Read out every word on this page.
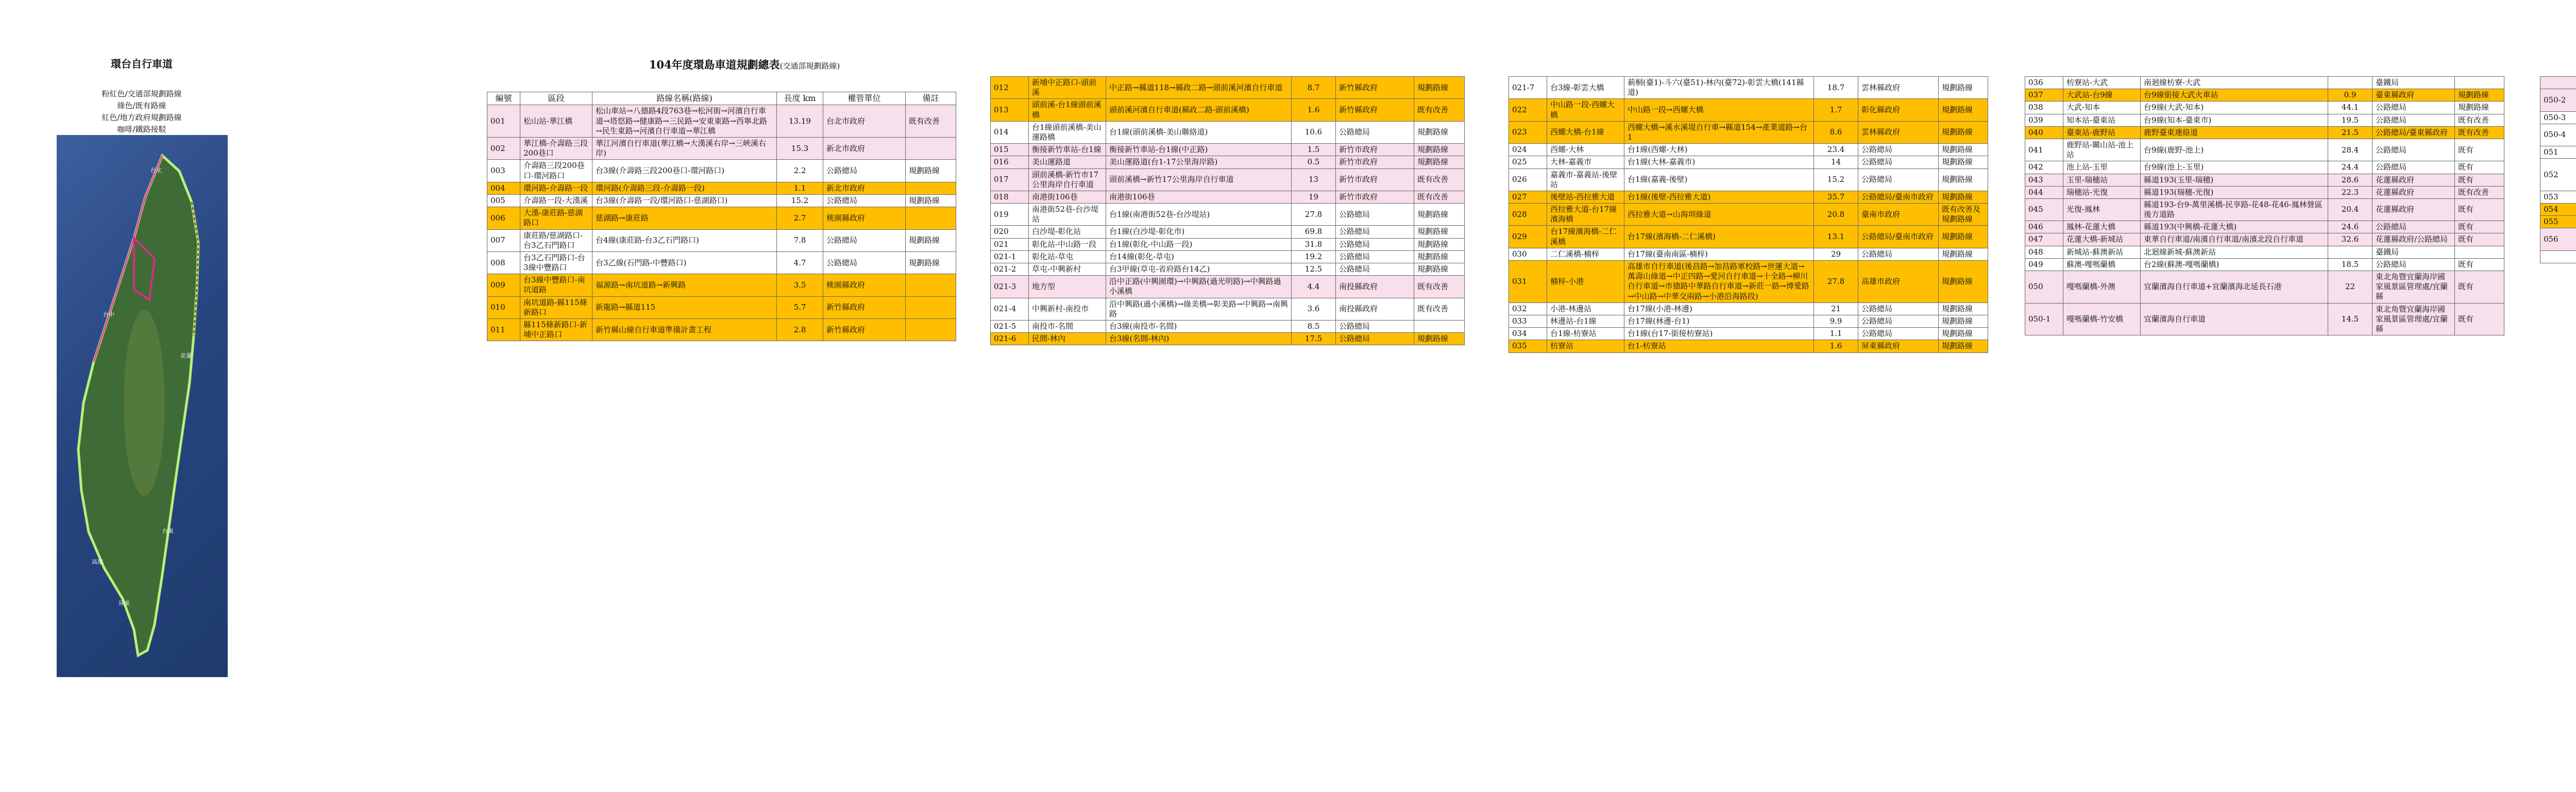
環台自行車道
粉紅色/交通部規劃路線
綠色/既有路線
紅色/地方政府規劃路線
咖啡/鐵路接駁
台北
台中
花蓮
台東
高雄
屏東
104年度環島車道規劃總表(交通部規劃路線)
編號	區段	路線名稱(路線)	長度 km	權管單位	備註
001	松山站-華江橋	松山車站→八德路4段763巷→松河街→河濱自行車道→塔悠路→健康路→三民路→安東東路→西寧北路→民生東路→河濱自行車道→華江橋	13.19	台北市政府	既有改善
002	華江橋-介壽路三段200巷口	華江河濱自行車道(華江橋→大漢溪右岸→三峽溪右岸)	15.3	新北市政府	
003	介壽路三段200巷口-環河路口	台3線(介壽路三段200巷口-環河路口)	2.2	公路總局	規劃路線
004	環河路-介壽路一段	環河路(介壽路三段-介壽路一段)	1.1	新北市政府	
005	介壽路一段-大漢溪	台3線(介壽路一段/環河路口-慈湖路口)	15.2	公路總局	規劃路線
006	大漢-康莊路-慈湖路口	慈湖路→康莊路	2.7	桃園縣政府	
007	康莊路/慈湖路口-台3乙石門路口	台4線(康莊路-台3乙石門路口)	7.8	公路總局	規劃路線
008	台3乙石門路口-台3線中豐路口	台3乙線(石門路-中豐路口)	4.7	公路總局	規劃路線
009	台3線中豐路口-南坑道路	福源路→南坑道路→新興路	3.5	桃園縣政府	
010	南坑道路-縣115條新路口	新龍路→縣道115	5.7	新竹縣政府	
011	縣115條新路口-新埔中正路口	新竹縣山線自行車道準備計畫工程	2.8	新竹縣政府	
012	新埔中正路口-頭前溪	中正路→縣道118→縣政二路→頭前溪河濱自行車道	8.7	新竹縣政府	規劃路線
013	頭前溪-台1線頭前溪橋	頭前溪河濱自行車道(縣政二路-頭前溪橋)	1.6	新竹縣政府	既有改善
014	台1線頭前溪橋-美山運路橋	台1線(頭前溪橋-美山聯絡道)	10.6	公路總局	規劃路線
015	衡接新竹車站-台1線	衡接新竹車站-台1線(中正路)	1.5	新竹市政府	規劃路線
016	美山運路道	美山運路道(台1-17公里海岸路)	0.5	新竹市政府	規劃路線
017	頭前溪橋-新竹市17公里海岸自行車道	頭前溪橋→新竹17公里海岸自行車道	13	新竹市政府	既有改善
018	南港街106巷	南港街106巷	19	新竹市政府	既有改善
019	南港街52巷-台沙堤站	台1線(南港街52巷-台沙堤站)	27.8	公路總局	規劃路線
020	白沙堤-彰化站	台1線(白沙堤-彰化市)	69.8	公路總局	規劃路線
021	彰化站-中山路一段	台1線(彰化-中山路一段)	31.8	公路總局	規劃路線
021-1	彰化站-草屯	台14線(彰化-草屯)	19.2	公路總局	規劃路線
021-2	草屯-中興新村	台3甲線(草屯-省府路台14乙)	12.5	公路總局	規劃路線
021-3	地方型	沿中正路(中興園環)→中興路(過光明路)→中興路過小溪橋	4.4	南投縣政府	既有改善
021-4	中興新村-南投市	沿中興路(過小溪橋)→綠美橋→彰美路→中興路→南興路	3.6	南投縣政府	既有改善
021-5	南投市-名間	台3線(南投市-名間)	8.5	公路總局	
021-6	民間-林內	台3線(名間-林內)	17.5	公路總局	規劃路線
021-7	台3線-彰雲大橋	莿桐(臺1)-斗六(臺51)-林內(臺72)-彰雲大橋(141縣道)	18.7	雲林縣政府	規劃路線
022	中山路一段-西螺大橋	中山路一段→西螺大橋	1.7	彰化縣政府	規劃路線
023	西螺大橋-台1線	西螺大橋→溪水溪堤自行車→縣道154→產業道路→台1	8.6	雲林縣政府	規劃路線
024	西螺-大林	台1線(西螺-大林)	23.4	公路總局	規劃路線
025	大林-嘉義市	台1線(大林-嘉義市)	14	公路總局	規劃路線
026	嘉義市-嘉義站-後壁站	台1線(嘉義-後壁)	15.2	公路總局	規劃路線
027	後壁站-西拉雅大道	台1線(後壁-西拉雅大道)	35.7	公路總局/臺南市政府	規劃路線
028	西拉雅大道-台17線濱海橋	西拉雅大道→山海圳綠道	20.8	臺南市政府	既有改善及規劃路線
029	台17線濱海橋-二仁溪橋	台17線(濱海橋-二仁溪橋)	13.1	公路總局/臺南市政府	規劃路線
030	二仁溪橋-楠梓	台17線(臺南南區-楠梓)	29	公路總局	規劃路線
031	楠梓-小港	高雄市自行車道(後昌路→加昌路軍校路→世運大道→萬壽山綠道→中正四路→愛河自行車道→十全路→柳川自行車道→市德路中華路自行車道→新莊一路→博愛路→中山路→中華交兩路→小港沿海路段)	27.8	高雄市政府	規劃路線
032	小港-林邊站	台17線(小港-林邊)	21	公路總局	規劃路線
033	林邊站-台1線	台17線(林邊-台1)	9.9	公路總局	規劃路線
034	台1線-枋寮站	台1線(台17-銜接枋寮站)	1.1	公路總局	規劃路線
035	枋寮站	台1-枋寮站	1.6	屏東縣政府	規劃路線
036	枋寮站-大武	南迴線枋寮-大武		臺鐵局	
037	大武站-台9線	台9線銜接大武火車站	0.9	臺東縣政府	規劃路線
038	大武-知本	台9線(大武-知本)	44.1	公路總局	規劃路線
039	知本站-臺東站	台9線(知本-臺東市)	19.5	公路總局	既有改善
040	臺東站-鹿野站	鹿野臺東連絡道	21.5	公路總局/臺東縣政府	既有改善
041	鹿野站-關山站-池上站	台9線(鹿野-池上)	28.4	公路總局	既有
042	池上站-玉里	台9線(池上-玉里)	24.4	公路總局	既有
043	玉里-瑞穗站	縣道193(玉里-瑞穗)	28.6	花蓮縣政府	既有
044	瑞穗站-光復	縣道193(瑞穗-光復)	22.3	花蓮縣政府	既有改善
045	光復-鳳林	縣道193-台9-萬里溪橋-民享路-花48-花46-鳳林營區後方道路	20.4	花蓮縣政府	既有
046	鳳林-花蓮大橋	縣道193(中興橋-花蓮大橋)	24.6	公路總局	既有
047	花蓮大橋-新城站	東華自行車道/南濱自行車道/南濱北段自行車道	32.6	花蓮縣政府/公路總局	既有
048	新城站-蘇澳新站	北迴線新城-蘇澳新站		臺鐵局	
049	蘇澳-嘎嗎蘭橋	台2線(蘇澳-嘎嗎蘭橋)	18.5	公路總局	既有
050	嘎嗎蘭橋-外澳	宜蘭濱海自行車道+宜蘭濱海北延長石港	22	東北角暨宜蘭海岸國家風景區管理處/宜蘭縣	既有
050-1	嘎嗎蘭橋-竹安橋	宜蘭濱海自行車道	14.5	東北角暨宜蘭海岸國家風景區管理處/宜蘭縣	既有

050-2					
050-3					
050-4					
051					
052					
053					
054					
055					
056					
